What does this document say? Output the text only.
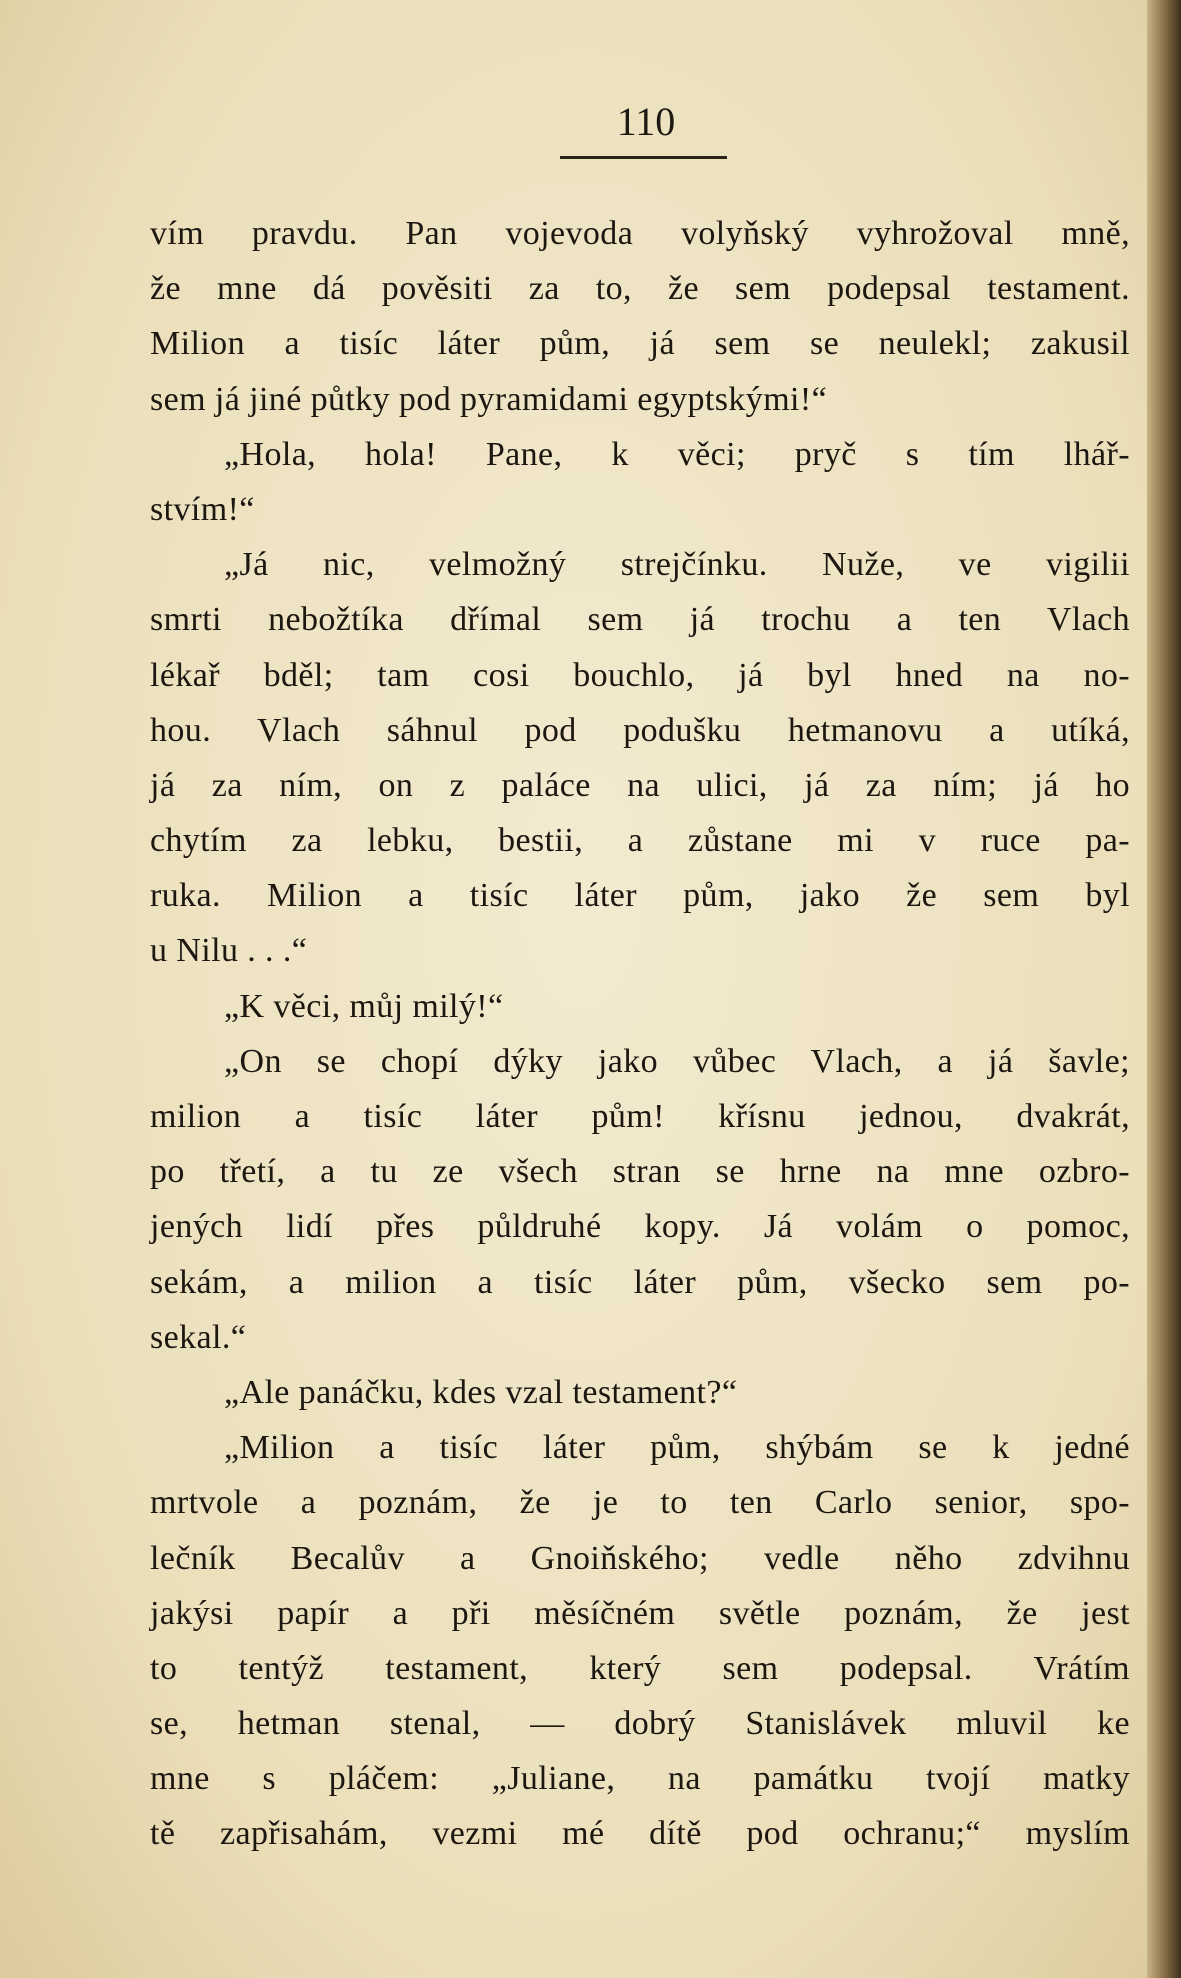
110
vím pravdu. Pan vojevoda volyňský vyhrožoval mně,
že mne dá pověsiti za to, že sem podepsal testament.
Milion a tisíc láter pům, já sem se neulekl; zakusil
sem já jiné půtky pod pyramidami egyptskými!“
„Hola, hola! Pane, k věci; pryč s tím lhář-
stvím!“
„Já nic, velmožný strejčínku. Nuže, ve vigilii
smrti nebožtíka dřímal sem já trochu a ten Vlach
lékař bděl; tam cosi bouchlo, já byl hned na no-
hou. Vlach sáhnul pod podušku hetmanovu a utíká,
já za ním, on z paláce na ulici, já za ním; já ho
chytím za lebku, bestii, a zůstane mi v ruce pa-
ruka. Milion a tisíc láter pům, jako že sem byl
u Nilu . . .“
„K věci, můj milý!“
„On se chopí dýky jako vůbec Vlach, a já šavle;
milion a tisíc láter pům! křísnu jednou, dvakrát,
po třetí, a tu ze všech stran se hrne na mne ozbro-
jených lidí přes půldruhé kopy. Já volám o pomoc,
sekám, a milion a tisíc láter pům, všecko sem po-
sekal.“
„Ale panáčku, kdes vzal testament?“
„Milion a tisíc láter pům, shýbám se k jedné
mrtvole a poznám, že je to ten Carlo senior, spo-
lečník Becalův a Gnoiňského; vedle něho zdvihnu
jakýsi papír a při měsíčném světle poznám, že jest
to tentýž testament, který sem podepsal. Vrátím
se, hetman stenal, — dobrý Stanislávek mluvil ke
mne s pláčem: „Juliane, na památku tvojí matky
tě zapřisahám, vezmi mé dítě pod ochranu;“ myslím
